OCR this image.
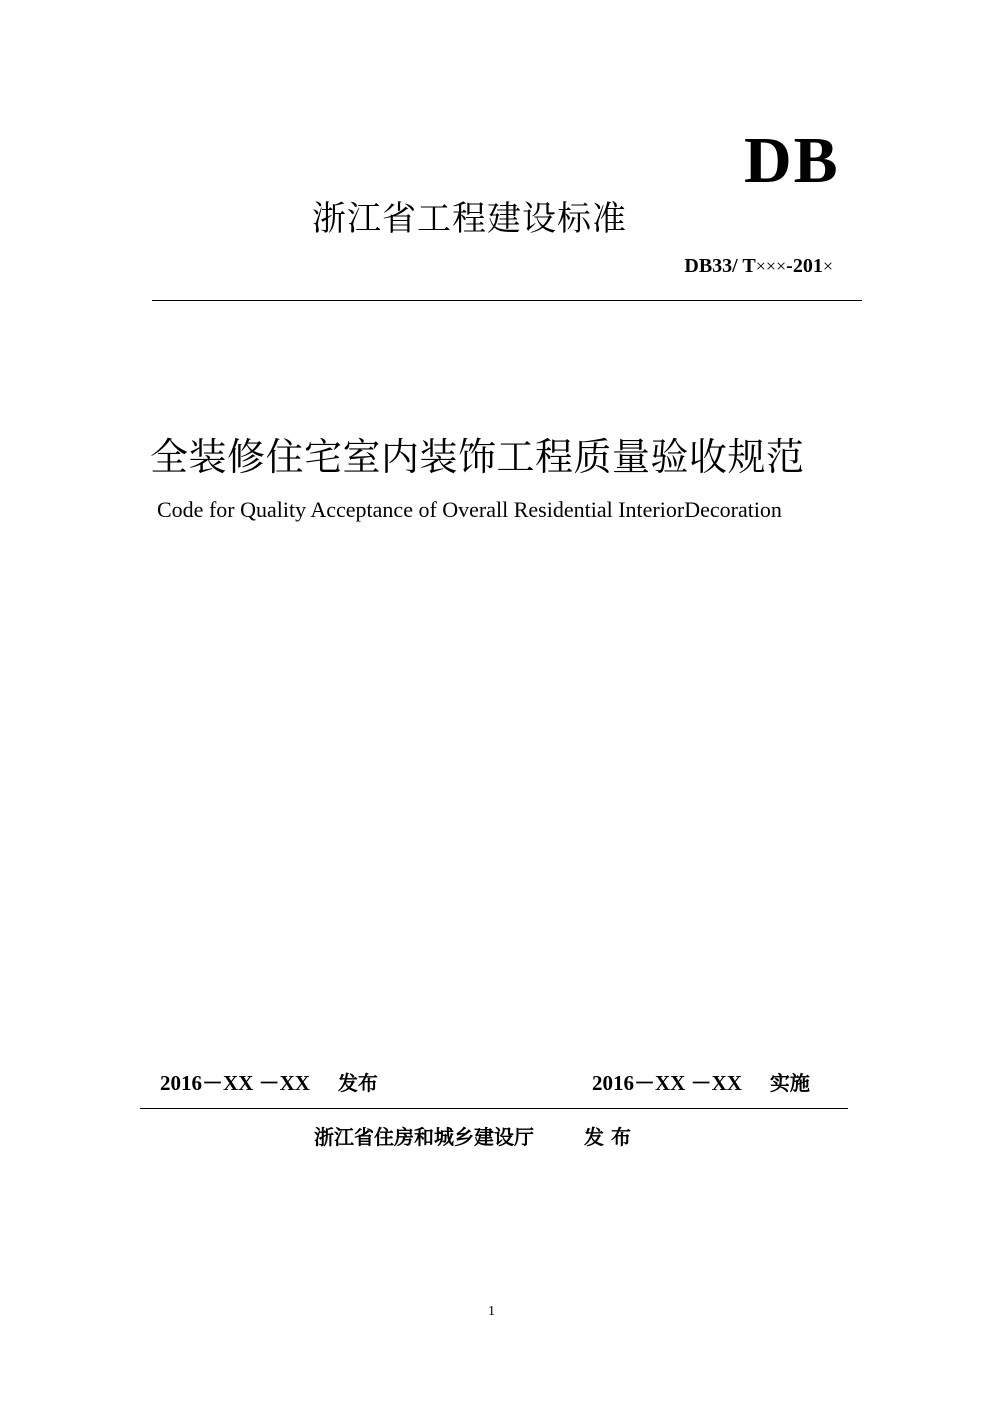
DB
浙江省工程建设标准
DB33/ T×××-201×
全装修住宅室内装饰工程质量验收规范
Code for Quality Acceptance of Overall Residential InteriorDecoration
2016－XX －XX 发布	2016－XX －XX 实施
浙江省住房和城乡建设厅	发 布
1
